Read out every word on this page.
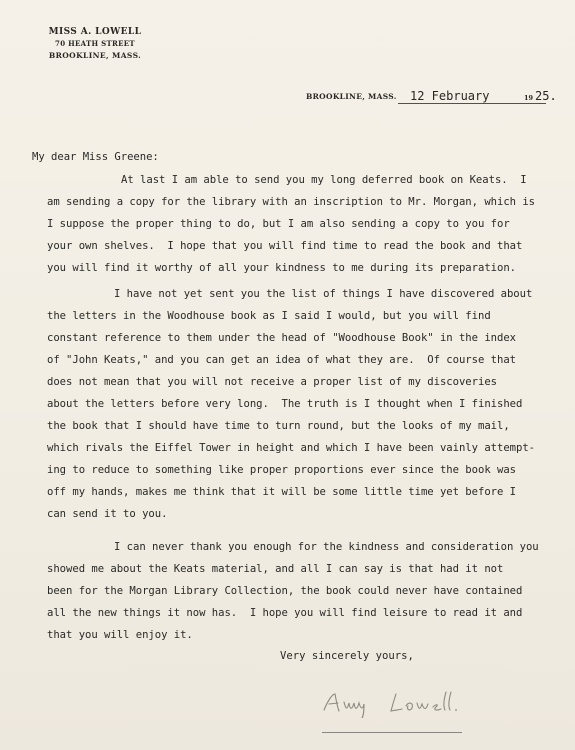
MISS A. LOWELL
70 HEATH STREET
BROOKLINE, MASS.
BROOKLINE, MASS. 12 February	19 25.
My dear Miss Greene:
At last I am able to send you my long deferred book on Keats.  I
am sending a copy for the library with an inscription to Mr. Morgan, which is
I suppose the proper thing to do, but I am also sending a copy to you for
your own shelves.  I hope that you will find time to read the book and that
you will find it worthy of all your kindness to me during its preparation.
I have not yet sent you the list of things I have discovered about
the letters in the Woodhouse book as I said I would, but you will find
constant reference to them under the head of "Woodhouse Book" in the index
of "John Keats," and you can get an idea of what they are.  Of course that
does not mean that you will not receive a proper list of my discoveries
about the letters before very long.  The truth is I thought when I finished
the book that I should have time to turn round, but the looks of my mail,
which rivals the Eiffel Tower in height and which I have been vainly attempt-
ing to reduce to something like proper proportions ever since the book was
off my hands, makes me think that it will be some little time yet before I
can send it to you.
I can never thank you enough for the kindness and consideration you
showed me about the Keats material, and all I can say is that had it not
been for the Morgan Library Collection, the book could never have contained
all the new things it now has.  I hope you will find leisure to read it and
that you will enjoy it.
Very sincerely yours,
